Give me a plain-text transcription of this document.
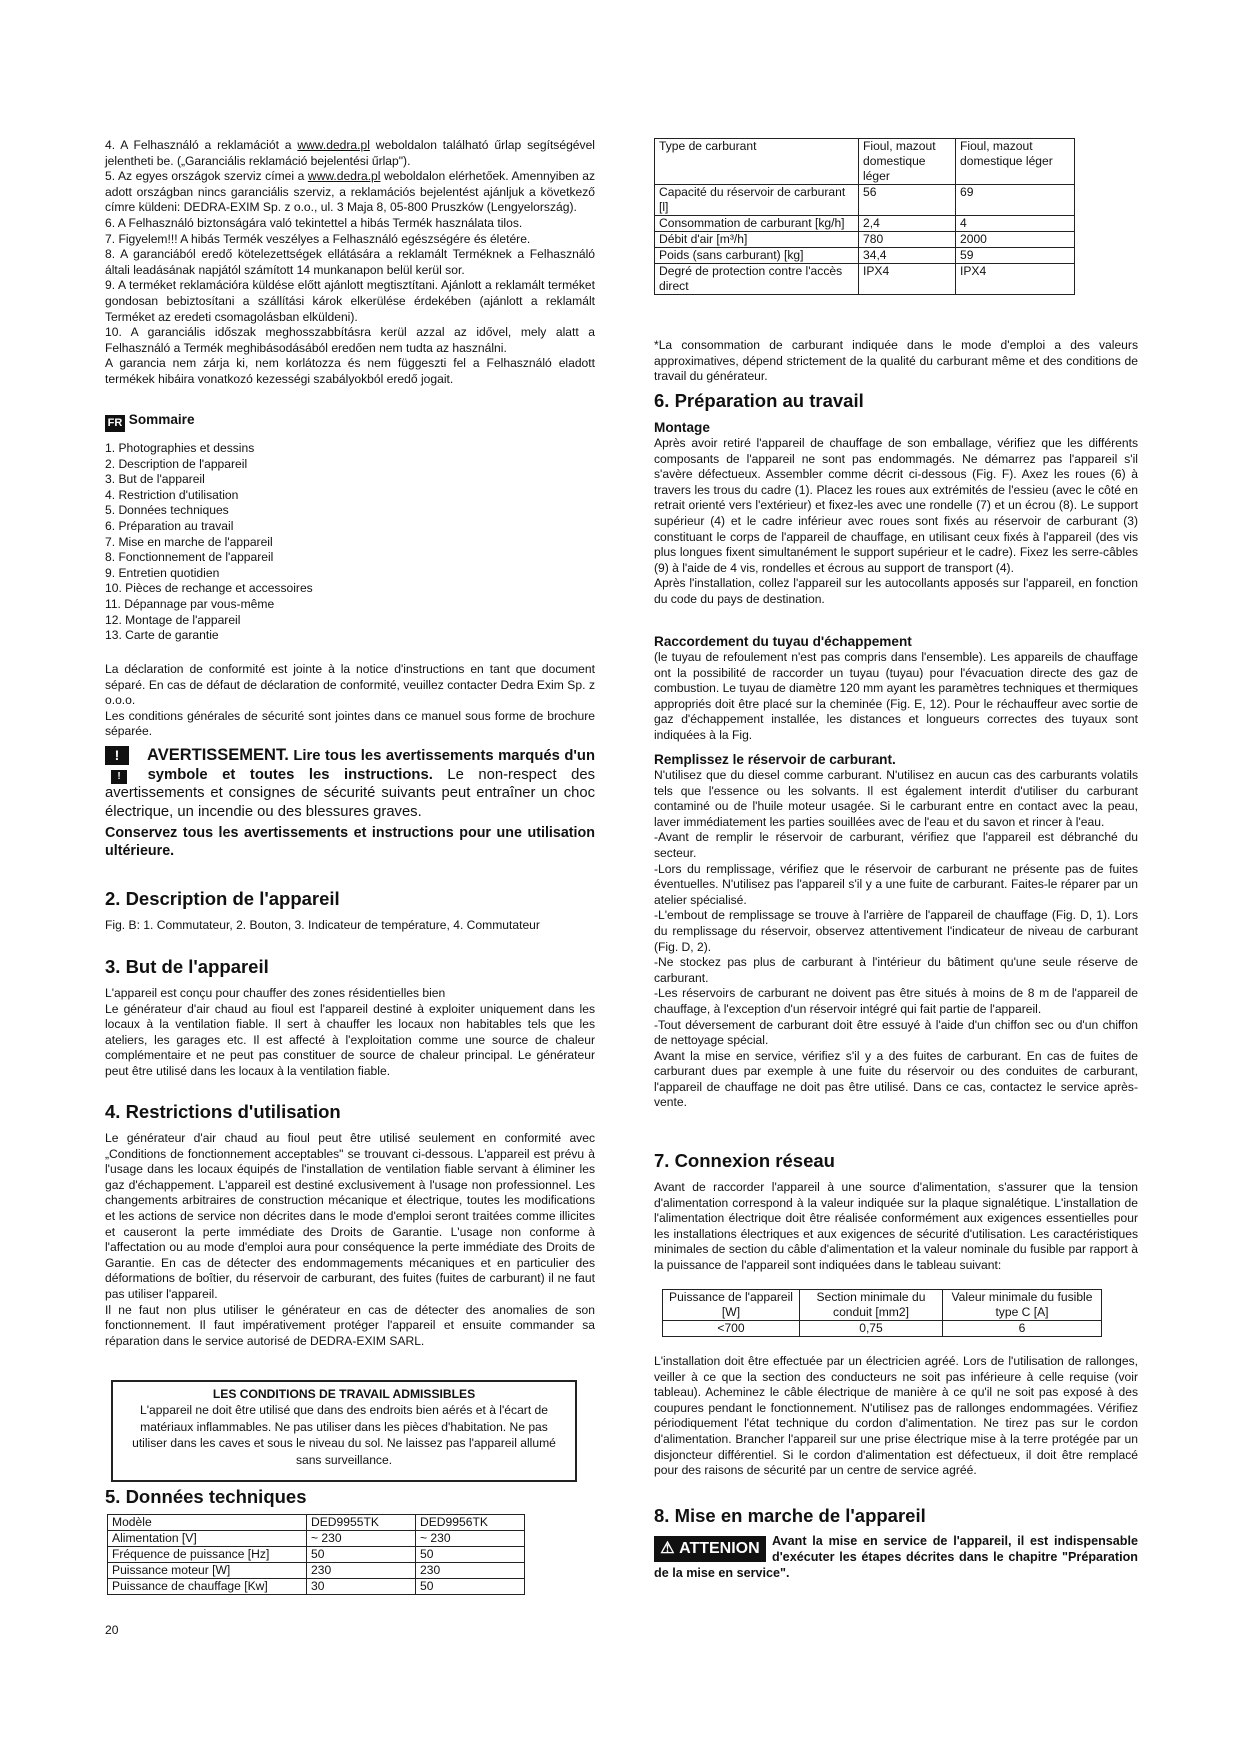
4. A Felhasználó a reklamációt a www.dedra.pl weboldalon található űrlap segítségével jelentheti be. („Garanciális reklamáció bejelentési űrlap").

5. Az egyes országok szerviz címei a www.dedra.pl weboldalon elérhetőek. Amennyiben az adott országban nincs garanciális szerviz, a reklamációs bejelentést ajánljuk a következő címre küldeni: DEDRA-EXIM Sp. z o.o., ul. 3 Maja 8, 05-800 Pruszków (Lengyelország).

6. A Felhasználó biztonságára való tekintettel a hibás Termék használata tilos.

7. Figyelem!!! A hibás Termék veszélyes a Felhasználó egészségére és életére.

8. A garanciából eredő kötelezettségek ellátására a reklamált Terméknek a Felhasználó általi leadásának napjától számított 14 munkanapon belül kerül sor.

9. A terméket reklamációra küldése előtt ajánlott megtisztítani. Ajánlott a reklamált terméket gondosan bebiztosítani a szállítási károk elkerülése érdekében (ajánlott a reklamált Terméket az eredeti csomagolásban elküldeni).

10. A garanciális időszak meghosszabbításra kerül azzal az idővel, mely alatt a Felhasználó a Termék meghibásodásából eredően nem tudta az használni.

A garancia nem zárja ki, nem korlátozza és nem függeszti fel a Felhasználó eladott termékek hibáira vonatkozó kezességi szabályokból eredő jogait.

FR Sommaire

1. Photographies et dessins

2. Description de l'appareil

3. But de l'appareil

4. Restriction d'utilisation

5. Données techniques

6. Préparation au travail

7. Mise en marche de l'appareil

8. Fonctionnement de l'appareil

9. Entretien quotidien

10. Pièces de rechange et accessoires

11. Dépannage par vous-même

12. Montage de l'appareil

13. Carte de garantie

La déclaration de conformité est jointe à la notice d'instructions en tant que document séparé. En cas de défaut de déclaration de conformité, veuillez contacter Dedra Exim Sp. z o.o.o.

Les conditions générales de sécurité sont jointes dans ce manuel sous forme de brochure séparée.

! AVERTISSEMENT. Lire tous les avertissements marqués d'un ! symbole et toutes les instructions. Le non-respect des avertissements et consignes de sécurité suivants peut entraîner un choc électrique, un incendie ou des blessures graves.

Conservez tous les avertissements et instructions pour une utilisation ultérieure.

2. Description de l'appareil
Fig. B: 1. Commutateur, 2. Bouton, 3. Indicateur de température, 4. Commutateur
3. But de l'appareil

L'appareil est conçu pour chauffer des zones résidentielles bien

Le générateur d'air chaud au fioul est l'appareil destiné à exploiter uniquement dans les locaux à la ventilation fiable. Il sert à chauffer les locaux non habitables tels que les ateliers, les garages etc. Il est affecté à l'exploitation comme une source de chaleur complémentaire et ne peut pas constituer de source de chaleur principal. Le générateur peut être utilisé dans les locaux à la ventilation fiable.

4. Restrictions d'utilisation

Le générateur d'air chaud au fioul peut être utilisé seulement en conformité avec „Conditions de fonctionnement acceptables" se trouvant ci-dessous. L'appareil est prévu à l'usage dans les locaux équipés de l'installation de ventilation fiable servant à éliminer les gaz d'échappement. L'appareil est destiné exclusivement à l'usage non professionnel. Les changements arbitraires de construction mécanique et électrique, toutes les modifications et les actions de service non décrites dans le mode d'emploi seront traitées comme illicites et causeront la perte immédiate des Droits de Garantie. L'usage non conforme à l'affectation ou au mode d'emploi aura pour conséquence la perte immédiate des Droits de Garantie. En cas de détecter des endommagements mécaniques et en particulier des déformations de boîtier, du réservoir de carburant, des fuites (fuites de carburant) il ne faut pas utiliser l'appareil.

Il ne faut non plus utiliser le générateur en cas de détecter des anomalies de son fonctionnement. Il faut impérativement protéger l'appareil et ensuite commander sa réparation dans le service autorisé de DEDRA-EXIM SARL.

LES CONDITIONS DE TRAVAIL ADMISSIBLES

L'appareil ne doit être utilisé que dans des endroits bien aérés et à l'écart de matériaux inflammables. Ne pas utiliser dans les pièces d'habitation. Ne pas utiliser dans les caves et sous le niveau du sol. Ne laissez pas l'appareil allumé sans surveillance.

5. Données techniques
Modèle	DED9955TK	DED9956TK
Alimentation [V]	~ 230	~ 230
Fréquence de puissance [Hz]	50	50
Puissance moteur [W]	230	230
Puissance de chauffage [Kw]	30	50
20
Type de carburant	Fioul, mazout domestique léger	Fioul, mazout domestique léger
Capacité du réservoir de carburant [l]	56	69
Consommation de carburant [kg/h]	2,4	4
Débit d'air [m³/h]	780	2000
Poids (sans carburant) [kg]	34,4	59
Degré de protection contre l'accès direct	IPX4	IPX4
*La consommation de carburant indiquée dans le mode d'emploi a des valeurs approximatives, dépend strictement de la qualité du carburant même et des conditions de travail du générateur.
6. Préparation au travail
Montage

Après avoir retiré l'appareil de chauffage de son emballage, vérifiez que les différents composants de l'appareil ne sont pas endommagés. Ne démarrez pas l'appareil s'il s'avère défectueux. Assembler comme décrit ci-dessous (Fig. F). Axez les roues (6) à travers les trous du cadre (1). Placez les roues aux extrémités de l'essieu (avec le côté en retrait orienté vers l'extérieur) et fixez-les avec une rondelle (7) et un écrou (8). Le support supérieur (4) et le cadre inférieur avec roues sont fixés au réservoir de carburant (3) constituant le corps de l'appareil de chauffage, en utilisant ceux fixés à l'appareil (des vis plus longues fixent simultanément le support supérieur et le cadre). Fixez les serre-câbles (9) à l'aide de 4 vis, rondelles et écrous au support de transport (4).

Après l'installation, collez l'appareil sur les autocollants apposés sur l'appareil, en fonction du code du pays de destination.

Raccordement du tuyau d'échappement
(le tuyau de refoulement n'est pas compris dans l'ensemble). Les appareils de chauffage ont la possibilité de raccorder un tuyau (tuyau) pour l'évacuation directe des gaz de combustion. Le tuyau de diamètre 120 mm ayant les paramètres techniques et thermiques appropriés doit être placé sur la cheminée (Fig. E, 12). Pour le réchauffeur avec sortie de gaz d'échappement installée, les distances et longueurs correctes des tuyaux sont indiquées à la Fig.
Remplissez le réservoir de carburant.

N'utilisez que du diesel comme carburant. N'utilisez en aucun cas des carburants volatils tels que l'essence ou les solvants. Il est également interdit d'utiliser du carburant contaminé ou de l'huile moteur usagée. Si le carburant entre en contact avec la peau, laver immédiatement les parties souillées avec de l'eau et du savon et rincer à l'eau.

-Avant de remplir le réservoir de carburant, vérifiez que l'appareil est débranché du secteur.

-Lors du remplissage, vérifiez que le réservoir de carburant ne présente pas de fuites éventuelles. N'utilisez pas l'appareil s'il y a une fuite de carburant. Faites-le réparer par un atelier spécialisé.

-L'embout de remplissage se trouve à l'arrière de l'appareil de chauffage (Fig. D, 1). Lors du remplissage du réservoir, observez attentivement l'indicateur de niveau de carburant (Fig. D, 2).

-Ne stockez pas plus de carburant à l'intérieur du bâtiment qu'une seule réserve de carburant.

-Les réservoirs de carburant ne doivent pas être situés à moins de 8 m de l'appareil de chauffage, à l'exception d'un réservoir intégré qui fait partie de l'appareil.

-Tout déversement de carburant doit être essuyé à l'aide d'un chiffon sec ou d'un chiffon de nettoyage spécial.

Avant la mise en service, vérifiez s'il y a des fuites de carburant. En cas de fuites de carburant dues par exemple à une fuite du réservoir ou des conduites de carburant, l'appareil de chauffage ne doit pas être utilisé. Dans ce cas, contactez le service après-vente.

7. Connexion réseau
Avant de raccorder l'appareil à une source d'alimentation, s'assurer que la tension d'alimentation correspond à la valeur indiquée sur la plaque signalétique. L'installation de l'alimentation électrique doit être réalisée conformément aux exigences essentielles pour les installations électriques et aux exigences de sécurité d'utilisation. Les caractéristiques minimales de section du câble d'alimentation et la valeur nominale du fusible par rapport à la puissance de l'appareil sont indiquées dans le tableau suivant:
Puissance de l'appareil [W]	Section minimale du conduit [mm2]	Valeur minimale du fusible type C [A]
<700	0,75	6
L'installation doit être effectuée par un électricien agréé. Lors de l'utilisation de rallonges, veiller à ce que la section des conducteurs ne soit pas inférieure à celle requise (voir tableau). Acheminez le câble électrique de manière à ce qu'il ne soit pas exposé à des coupures pendant le fonctionnement. N'utilisez pas de rallonges endommagées. Vérifiez périodiquement l'état technique du cordon d'alimentation. Ne tirez pas sur le cordon d'alimentation. Brancher l'appareil sur une prise électrique mise à la terre protégée par un disjoncteur différentiel. Si le cordon d'alimentation est défectueux, il doit être remplacé pour des raisons de sécurité par un centre de service agréé.
8. Mise en marche de l'appareil
⚠ ATTENION Avant la mise en service de l'appareil, il est indispensable d'exécuter les étapes décrites dans le chapitre "Préparation de la mise en service".
